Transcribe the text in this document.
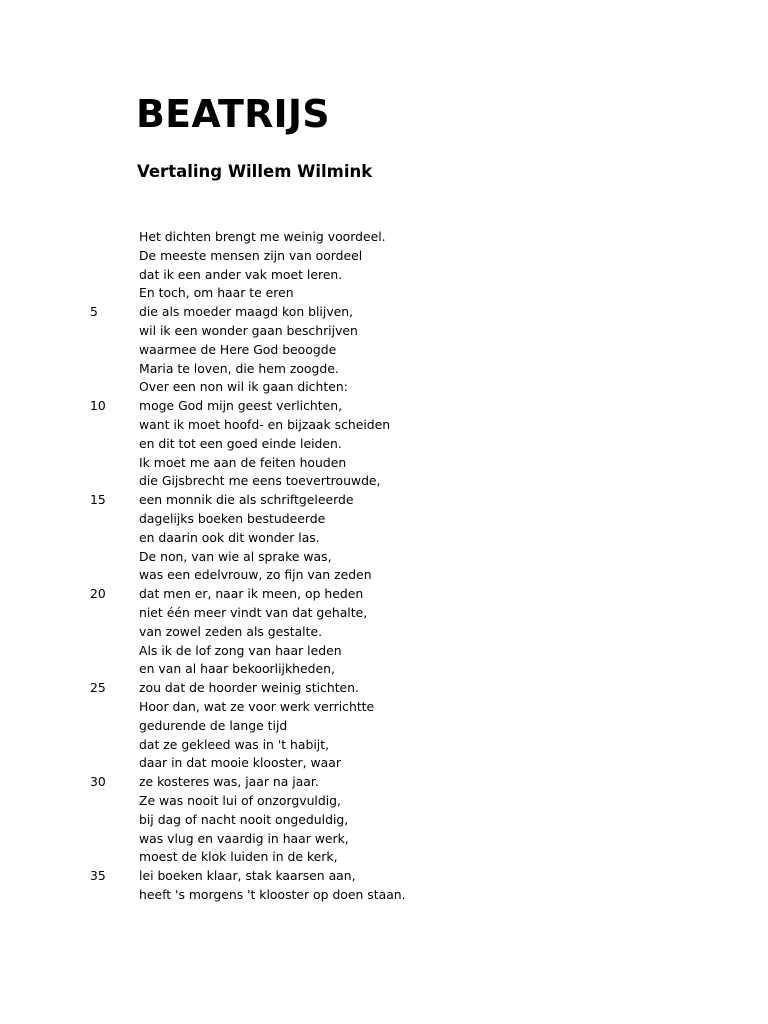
BEATRIJS
Vertaling Willem Wilmink
Het dichten brengt me weinig voordeel.
De meeste mensen zijn van oordeel
dat ik een ander vak moet leren.
En toch, om haar te eren
5	die als moeder maagd kon blijven,
wil ik een wonder gaan beschrijven
waarmee de Here God beoogde
Maria te loven, die hem zoogde.
Over een non wil ik gaan dichten:
10	moge God mijn geest verlichten,
want ik moet hoofd- en bijzaak scheiden
en dit tot een goed einde leiden.
Ik moet me aan de feiten houden
die Gijsbrecht me eens toevertrouwde,
15	een monnik die als schriftgeleerde
dagelijks boeken bestudeerde
en daarin ook dit wonder las.
De non, van wie al sprake was,
was een edelvrouw, zo fijn van zeden
20	dat men er, naar ik meen, op heden
niet één meer vindt van dat gehalte,
van zowel zeden als gestalte.
Als ik de lof zong van haar leden
en van al haar bekoorlijkheden,
25	zou dat de hoorder weinig stichten.
Hoor dan, wat ze voor werk verrichtte
gedurende de lange tijd
dat ze gekleed was in 't habijt,
daar in dat mooie klooster, waar
30	ze kosteres was, jaar na jaar.
Ze was nooit lui of onzorgvuldig,
bij dag of nacht nooit ongeduldig,
was vlug en vaardig in haar werk,
moest de klok luiden in de kerk,
35	lei boeken klaar, stak kaarsen aan,
heeft 's morgens 't klooster op doen staan.
